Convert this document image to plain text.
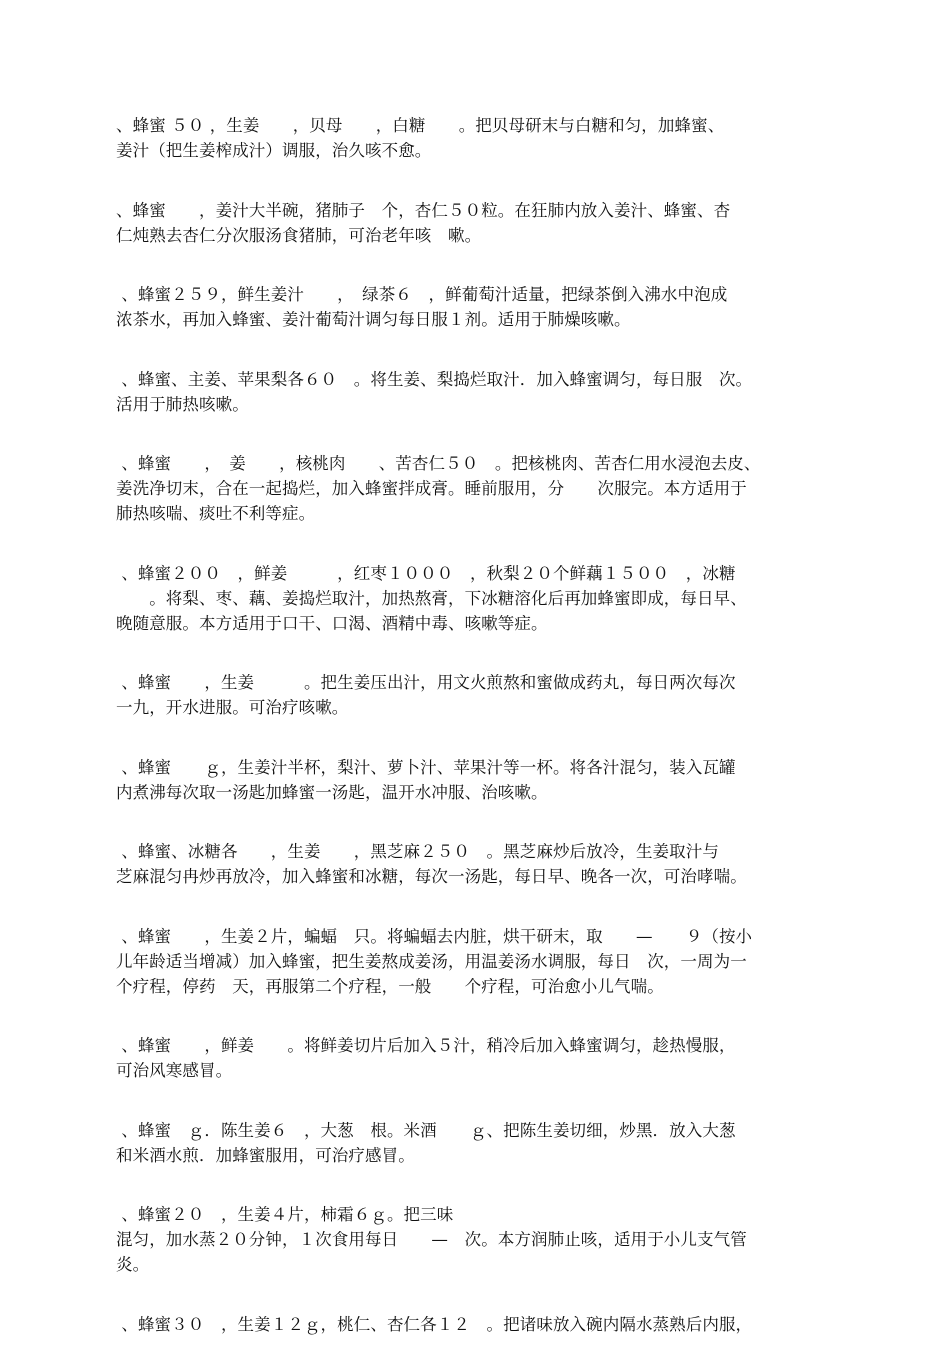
、蜂蜜 ５０ ，生姜　　，贝母　　，白糖　　。把贝母研末与白糖和匀，加蜂蜜、
姜汁（把生姜榨成汁）调服，治久咳不愈。

、蜂蜜　　，姜汁大半碗，猪肺子　个，杏仁５０粒。在狂肺内放入姜汁、蜂蜜、杏
仁炖熟去杏仁分次服汤食猪肺，可治老年咳　嗽。

、蜂蜜２５９，鲜生姜汁　　，　绿茶６　，鲜葡萄汁适量，把绿茶倒入沸水中泡成
浓茶水，再加入蜂蜜、姜汁葡萄汁调匀每日服１剂。适用于肺燥咳嗽。

、蜂蜜、主姜、苹果梨各６０　。将生姜、梨捣烂取汁．加入蜂蜜调匀，每日服　次。
活用于肺热咳嗽。

、蜂蜜　　，　姜　　，核桃肉　　、苦杏仁５０　。把核桃肉、苦杏仁用水浸泡去皮、
姜洗净切末，合在一起捣烂，加入蜂蜜拌成膏。睡前服用，分　　次服完。本方适用于
肺热咳喘、痰吐不利等症。

、蜂蜜２００　，鲜姜　　　，红枣１０００　，秋梨２０个鲜藕１５００　，冰糖
　　。将梨、枣、藕、姜捣烂取汁，加热熬膏，下冰糖溶化后再加蜂蜜即成，每日早、
晚随意服。本方适用于口干、口渴、酒精中毒、咳嗽等症。

、蜂蜜　　，生姜　　　。把生姜压出汁，用文火煎熬和蜜做成药丸，每日两次每次
一九，开水进服。可治疗咳嗽。

、蜂蜜　　ｇ，生姜汁半杯，梨汁、萝卜汁、苹果汁等一杯。将各汁混匀，装入瓦罐
内煮沸每次取一汤匙加蜂蜜一汤匙，温开水冲服、治咳嗽。

、蜂蜜、冰糖各　　，生姜　　，黑芝麻２５０　。黑芝麻炒后放冷，生姜取汁与
芝麻混匀冉炒再放冷，加入蜂蜜和冰糖，每次一汤匙，每日早、晚各一次，可治哮喘。

、蜂蜜　　，生姜２片，蝙蝠　只。将蝙蝠去内脏，烘干研末，取　　—　　９（按小
儿年龄适当增减）加入蜂蜜，把生姜熬成姜汤，用温姜汤水调服，每日　次，一周为一
个疗程，停药　天，再服第二个疗程，一般　　个疗程，可治愈小儿气喘。

、蜂蜜　　，鲜姜　　。将鲜姜切片后加入５汁，稍冷后加入蜂蜜调匀，趁热慢服，
可治风寒感冒。

、蜂蜜　ｇ．陈生姜６　，大葱　根。米酒　　ｇ、把陈生姜切细，炒黑．放入大葱
和米酒水煎．加蜂蜜服用，可治疗感冒。

、蜂蜜２０　，生姜４片，柿霜６ｇ。把三味
混匀，加水蒸２０分钟，１次食用每日　　—　次。本方润肺止咳，适用于小儿支气管
炎。

、蜂蜜３０　，生姜１２ｇ，桃仁、杏仁各１２　。把诸味放入碗内隔水蒸熟后内服，
